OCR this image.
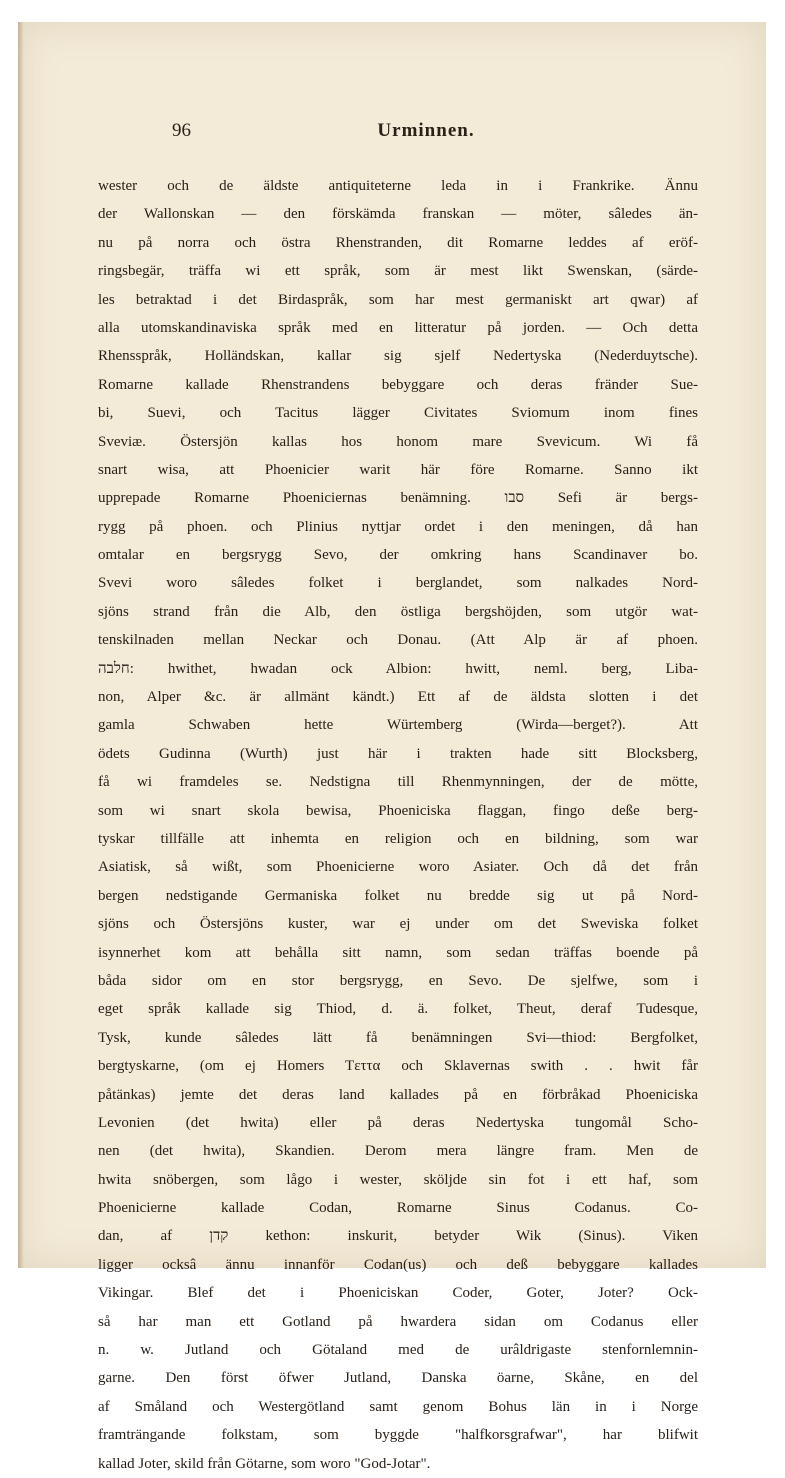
96	Urminnen.
wester och de äldste antiquiteterne leda in i Frankrike. Ännu
der Wallonskan — den förskämda franskan — möter, sâledes än-
nu på norra och östra Rhenstranden, dit Romarne leddes af eröf-
ringsbegär, träffa wi ett språk, som är mest likt Swenskan, (särde-
les betraktad i det Birdaspråk, som har mest germaniskt art qwar) af
alla utomskandinaviska språk med en litteratur på jorden. — Och detta
Rhensspråk, Holländskan, kallar sig sjelf Nedertyska (Nederduytsche).
Romarne kallade Rhenstrandens bebyggare och deras fränder Sue-
bi, Suevi, och Tacitus lägger Civitates Sviomum inom fines
Sveviæ. Östersjön kallas hos honom mare Svevicum. Wi få
snart wisa, att Phoenicier warit här före Romarne. Sanno ikt
upprepade Romarne Phoeniciernas benämning. סבו Sefi är bergs-
rygg på phoen. och Plinius nyttjar ordet i den meningen, då han
omtalar en bergsrygg Sevo, der omkring hans Scandinaver bo.
Svevi woro sâledes folket i berglandet, som nalkades Nord-
sjöns strand från die Alb, den östliga bergshöjden, som utgör wat-
tenskilnaden mellan Neckar och Donau. (Att Alp är af phoen.
חלבה: hwithet, hwadan ock Albion: hwitt, neml. berg, Liba-
non, Alper &c. är allmänt kändt.) Ett af de äldsta slotten i det
gamla Schwaben hette Würtemberg (Wirda—berget?). Att
ödets Gudinna (Wurth) just här i trakten hade sitt Blocksberg,
få wi framdeles se. Nedstigna till Rhenmynningen, der de mötte,
som wi snart skola bewisa, Phoeniciska flaggan, fingo deße berg-
tyskar tillfälle att inhemta en religion och en bildning, som war
Asiatisk, så wißt, som Phoenicierne woro Asiater. Och då det från
bergen nedstigande Germaniska folket nu bredde sig ut på Nord-
sjöns och Östersjöns kuster, war ej under om det Sweviska folket
isynnerhet kom att behålla sitt namn, som sedan träffas boende på
båda sidor om en stor bergsrygg, en Sevo. De sjelfwe, som i
eget språk kallade sig Thiod, d. ä. folket, Theut, deraf Tudesque,
Tysk, kunde sâledes lätt få benämningen Svi—thiod: Bergfolket,
bergtyskarne, (om ej Homers Tεττα och Sklavernas swith . . hwit får
påtänkas) jemte det deras land kallades på en förbråkad Phoeniciska
Levonien (det hwita) eller på deras Nedertyska tungomål Scho-
nen (det hwita), Skandien. Derom mera längre fram. Men de
hwita snöbergen, som lågo i wester, sköljde sin fot i ett haf, som
Phoenicierne kallade Codan, Romarne Sinus Codanus. Co-
dan, af קדן kethon: inskurit, betyder Wik (Sinus). Viken
ligger ocksâ ännu innanför Codan(us) och deß bebyggare kallades
Vikingar. Blef det i Phoeniciskan Coder, Goter, Joter? Ock-
så har man ett Gotland på hwardera sidan om Codanus eller
n. w. Jutland och Götaland med de urâldrigaste stenfornlemnin-
garne. Den först öfwer Jutland, Danska öarne, Skåne, en del
af Småland och Westergötland samt genom Bohus län in i Norge
framträngande folkstam, som byggde "halfkorsgrafwar", har blifwit
kallad Joter, skild från Götarne, som woro "God-Jotar".
